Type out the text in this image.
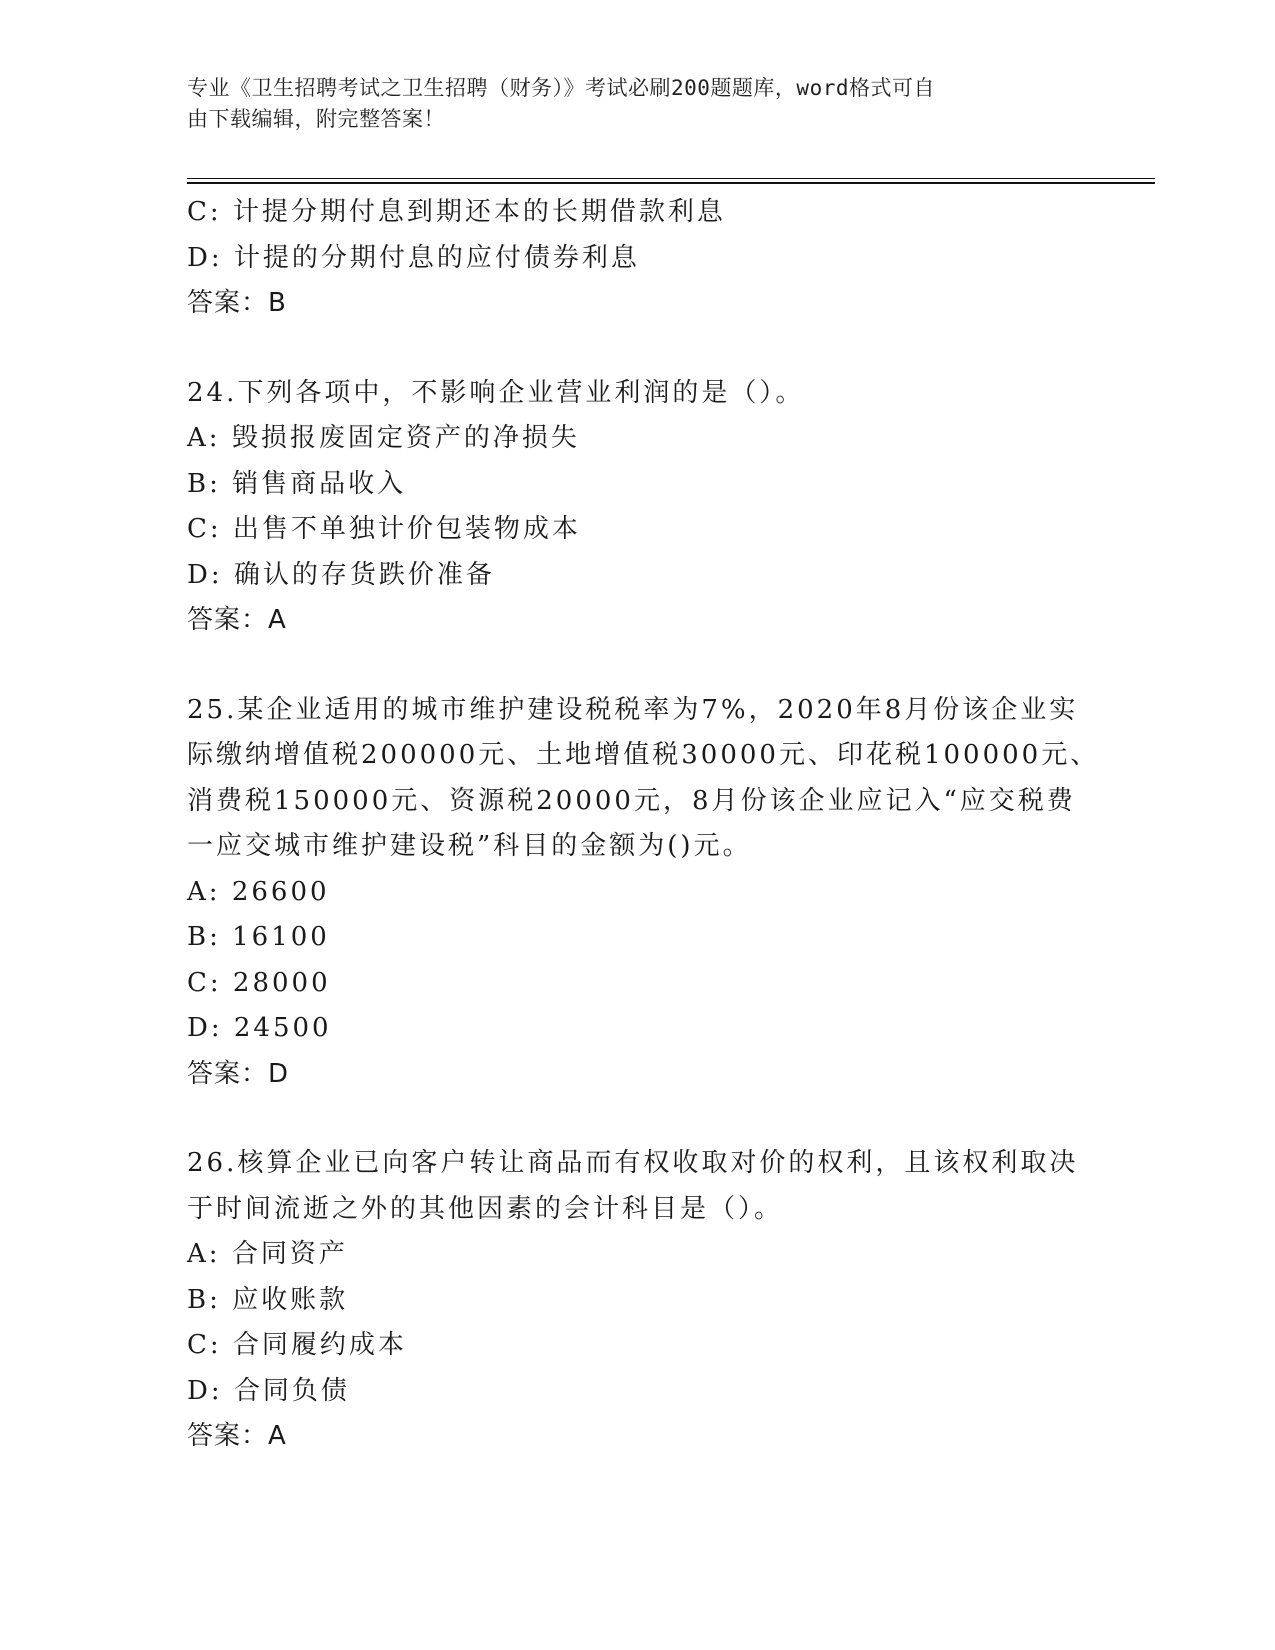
专业《卫生招聘考试之卫生招聘（财务）》考试必刷200题题库，word格式可自
由下载编辑，附完整答案！
C: 计提分期付息到期还本的长期借款利息
D: 计提的分期付息的应付债券利息
答案：B
24.下列各项中，不影响企业营业利润的是（）。
A: 毁损报废固定资产的净损失
B: 销售商品收入
C: 出售不单独计价包装物成本
D: 确认的存货跌价准备
答案：A
25.某企业适用的城市维护建设税税率为7%，2020年8月份该企业实
际缴纳增值税200000元、土地增值税30000元、印花税100000元、
消费税150000元、资源税20000元，8月份该企业应记入“应交税费
一应交城市维护建设税”科目的金额为()元。
A: 26600
B: 16100
C: 28000
D: 24500
答案：D
26.核算企业已向客户转让商品而有权收取对价的权利，且该权利取决
于时间流逝之外的其他因素的会计科目是（）。
A: 合同资产
B: 应收账款
C: 合同履约成本
D: 合同负债
答案：A
